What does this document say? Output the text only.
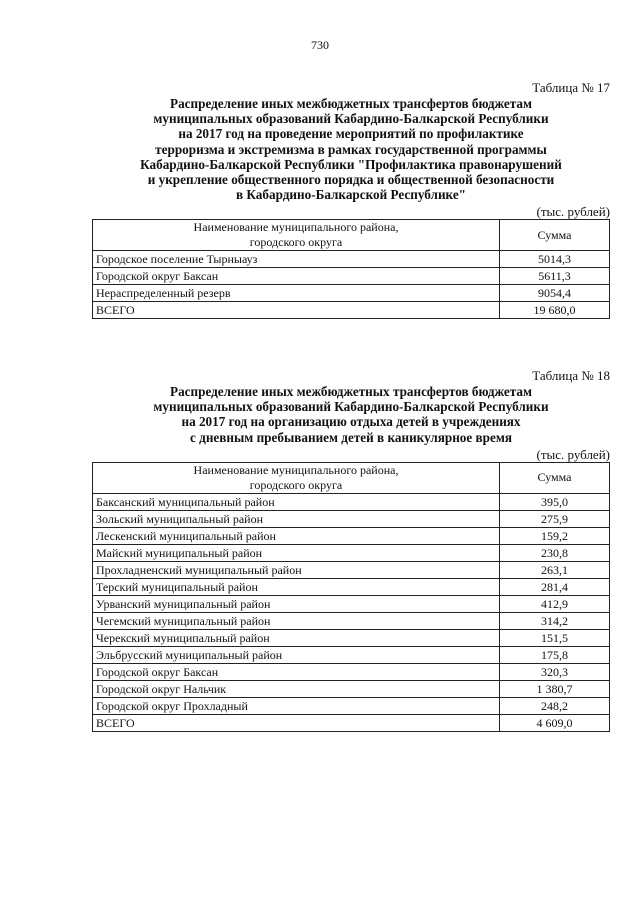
730
Таблица № 17
Распределение иных межбюджетных трансфертов бюджетам
муниципальных образований Кабардино-Балкарской Республики
на 2017 год на проведение мероприятий по профилактике
терроризма и экстремизма в рамках государственной программы
Кабардино-Балкарской Республики "Профилактика правонарушений
и укрепление общественного порядка и общественной безопасности
в Кабардино-Балкарской Республике"
(тыс. рублей)
Наименование муниципального района,
городского округа	Сумма
Городское поселение Тырныауз	5014,3
Городской округ Баксан	5611,3
Нераспределенный резерв	9054,4
ВСЕГО	19 680,0
Таблица № 18
Распределение иных межбюджетных трансфертов бюджетам
муниципальных образований Кабардино-Балкарской Республики
на 2017 год на организацию отдыха детей в учреждениях
с дневным пребыванием детей в каникулярное время
(тыс. рублей)
Наименование муниципального района,
городского округа	Сумма
Баксанский муниципальный район	395,0
Зольский муниципальный район	275,9
Лескенский муниципальный район	159,2
Майский муниципальный район	230,8
Прохладненский муниципальный район	263,1
Терский муниципальный район	281,4
Урванский муниципальный район	412,9
Чегемский муниципальный район	314,2
Черекский муниципальный район	151,5
Эльбрусский муниципальный район	175,8
Городской округ Баксан	320,3
Городской округ Нальчик	1 380,7
Городской округ Прохладный	248,2
ВСЕГО	4 609,0
